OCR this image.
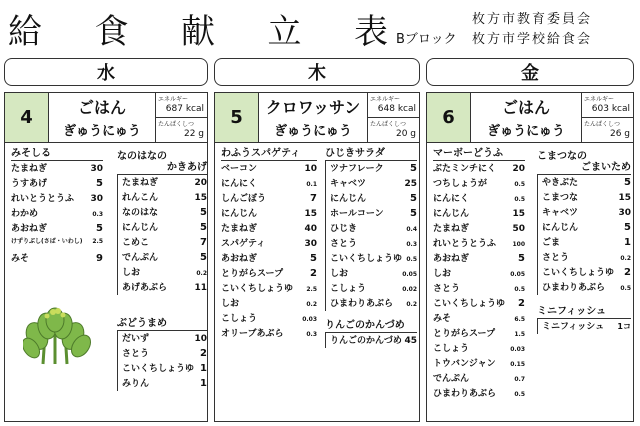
給 食 献 立 表 Bブロック
枚方市教育委員会
枚方市学校給食会
水	木	金
4	ごはん
ぎゅうにゅう
エネルギー
687 kcal
たんぱくしつ
22 g
みそしる
たまねぎ	30
うすあげ	5
れいとうとうふ 30
わかめ	0.3
あおねぎ	5
けずりぶし(さば・いわし) 2.5
みそ	9
なのはなの
かきあげ
たまねぎ	20
れんこん	15
なのはな	5
にんじん	5
こめこ	7
でんぷん	5
しお	0.2
あげあぶら	11
ぶどうまめ
だいず	10
さとう	2
こいくちしょうゆ 1
みりん	1
5	クロワッサン
ぎゅうにゅう
エネルギー
648 kcal
たんぱくしつ
20 g
わふうスパゲティ
ベーコン	10
にんにく	0.1
しんごぼう	7
にんじん	15
たまねぎ	40
スパゲティ	30
あおねぎ	5
とりがらスープ	2
こいくちしょうゆ 2.5
しお	0.2
こしょう	0.03
オリーブあぶら	0.3
ひじきサラダ
ツナフレーク	5
キャベツ	25
にんじん	5
ホールコーン	5
ひじき	0.4
さとう	0.3
こいくちしょうゆ 0.5
しお	0.05
こしょう	0.02
ひまわりあぶら 0.2
りんごのかんづめ
りんごのかんづめ 45
6	ごはん
ぎゅうにゅう
エネルギー
603 kcal
たんぱくしつ
26 g
マーボーどうふ
ぶたミンチにく 20
つちしょうが	0.5
にんにく	0.5
にんじん	15
たまねぎ	50
れいとうとうふ	100
あおねぎ	5
しお	0.05
さとう	0.5
こいくちしょうゆ 2
みそ	6.5
とりがらスープ	1.5
こしょう	0.03
トウバンジャン 0.15
でんぷん	0.7
ひまわりあぶら	0.5
こまつなの
ごまいため
やきぶた	5
こまつな	15
キャベツ	30
にんじん	5
ごま	1
さとう	0.2
こいくちしょうゆ 2
ひまわりあぶら	0.5
ミニフィッシュ
ミニフィッシュ 1コ
